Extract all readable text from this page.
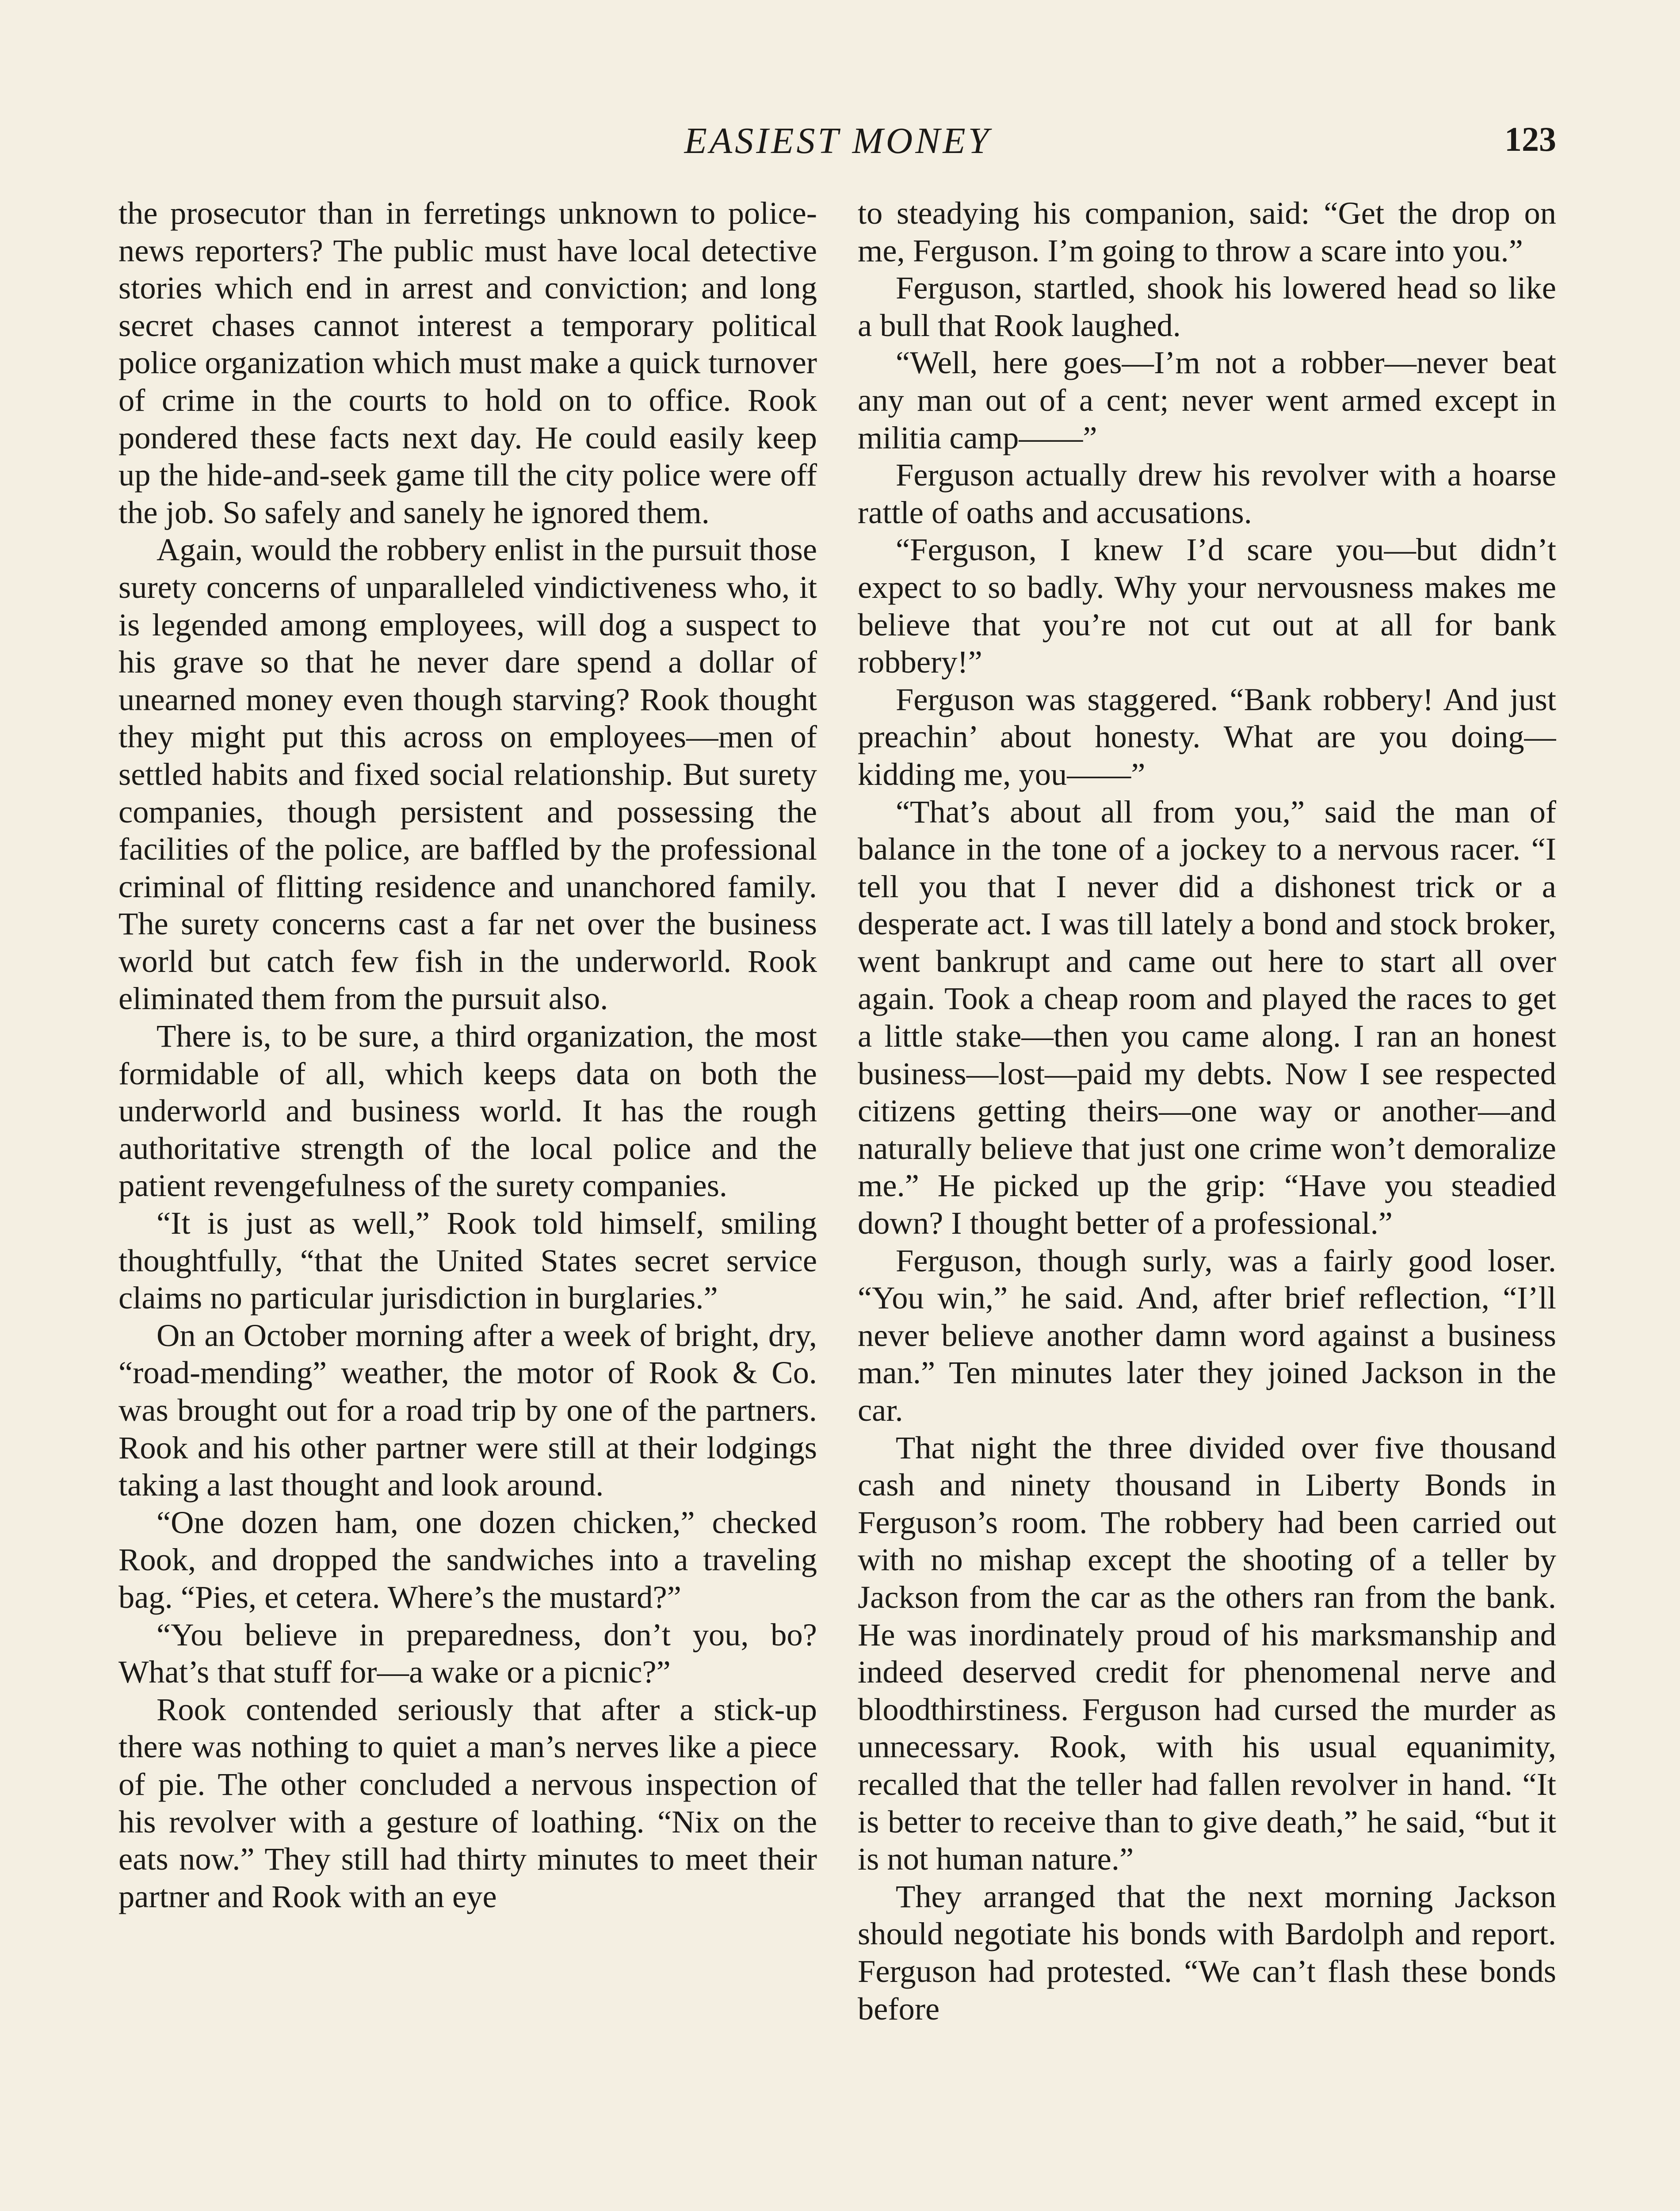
EASIEST MONEY	123

the prosecutor than in ferretings unknown to police-news reporters? The public must have local detective stories which end in arrest and conviction; and long secret chases cannot interest a temporary political police organization which must make a quick turnover of crime in the courts to hold on to office. Rook pondered these facts next day. He could easily keep up the hide-and-seek game till the city police were off the job. So safely and sanely he ignored them.

Again, would the robbery enlist in the pursuit those surety concerns of unparalleled vindictiveness who, it is legended among employees, will dog a suspect to his grave so that he never dare spend a dollar of unearned money even though starving? Rook thought they might put this across on employees—men of settled habits and fixed social relationship. But surety companies, though persistent and possessing the facilities of the police, are baffled by the professional criminal of flitting residence and unanchored family. The surety concerns cast a far net over the business world but catch few fish in the underworld. Rook eliminated them from the pursuit also.

There is, to be sure, a third organization, the most formidable of all, which keeps data on both the underworld and business world. It has the rough authoritative strength of the local police and the patient revengefulness of the surety companies.

“It is just as well,” Rook told himself, smiling thoughtfully, “that the United States secret service claims no particular jurisdiction in burglaries.”

On an October morning after a week of bright, dry, “road-mending” weather, the motor of Rook & Co. was brought out for a road trip by one of the partners. Rook and his other partner were still at their lodgings taking a last thought and look around.

“One dozen ham, one dozen chicken,” checked Rook, and dropped the sandwiches into a traveling bag. “Pies, et cetera. Where’s the mustard?”

“You believe in preparedness, don’t you, bo? What’s that stuff for—a wake or a picnic?”

Rook contended seriously that after a stick-up there was nothing to quiet a man’s nerves like a piece of pie. The other concluded a nervous inspection of his revolver with a gesture of loathing. “Nix on the eats now.” They still had thirty minutes to meet their partner and Rook with an eye

to steadying his companion, said: “Get the drop on me, Ferguson. I’m going to throw a scare into you.”

Ferguson, startled, shook his lowered head so like a bull that Rook laughed.

“Well, here goes—I’m not a robber—never beat any man out of a cent; never went armed except in militia camp——”

Ferguson actually drew his revolver with a hoarse rattle of oaths and accusations.

“Ferguson, I knew I’d scare you—but didn’t expect to so badly. Why your nervousness makes me believe that you’re not cut out at all for bank robbery!”

Ferguson was staggered. “Bank robbery! And just preachin’ about honesty. What are you doing—kidding me, you——”

“That’s about all from you,” said the man of balance in the tone of a jockey to a nervous racer. “I tell you that I never did a dishonest trick or a desperate act. I was till lately a bond and stock broker, went bankrupt and came out here to start all over again. Took a cheap room and played the races to get a little stake—then you came along. I ran an honest business—lost—paid my debts. Now I see respected citizens getting theirs—one way or another—and naturally believe that just one crime won’t demoralize me.” He picked up the grip: “Have you steadied down? I thought better of a professional.”

Ferguson, though surly, was a fairly good loser. “You win,” he said. And, after brief reflection, “I’ll never believe another damn word against a business man.” Ten minutes later they joined Jackson in the car.

That night the three divided over five thousand cash and ninety thousand in Liberty Bonds in Ferguson’s room. The robbery had been carried out with no mishap except the shooting of a teller by Jackson from the car as the others ran from the bank. He was inordinately proud of his marksmanship and indeed deserved credit for phenomenal nerve and bloodthirstiness. Ferguson had cursed the murder as unnecessary. Rook, with his usual equanimity, recalled that the teller had fallen revolver in hand. “It is better to receive than to give death,” he said, “but it is not human nature.”

They arranged that the next morning Jackson should negotiate his bonds with Bardolph and report. Ferguson had protested. “We can’t flash these bonds before
